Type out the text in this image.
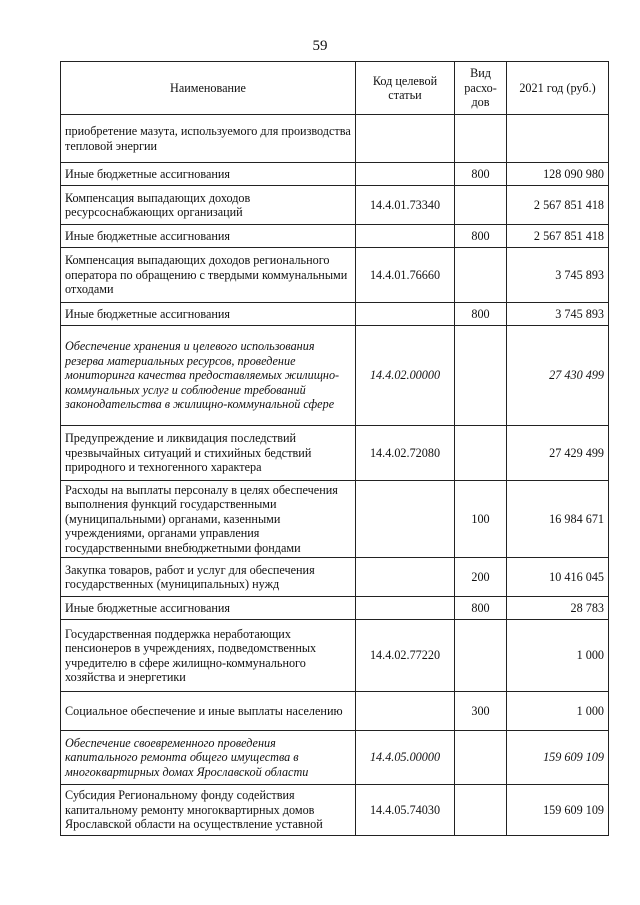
59
Наименование	Код целевой статьи	Вид расхо-дов	2021 год (руб.)
приобретение мазута, используемого для производства тепловой энергии			
Иные бюджетные ассигнования		800	128 090 980
Компенсация выпадающих доходов ресурсоснабжающих организаций	14.4.01.73340		2 567 851 418
Иные бюджетные ассигнования		800	2 567 851 418
Компенсация выпадающих доходов регионального оператора по обращению с твердыми коммунальными отходами	14.4.01.76660		3 745 893
Иные бюджетные ассигнования		800	3 745 893
Обеспечение хранения и целевого использования резерва материальных ресурсов, проведение мониторинга качества предоставляемых жилищно-коммунальных услуг и соблюдение требований законодательства в жилищно-коммунальной сфере	14.4.02.00000		27 430 499
Предупреждение и ликвидация последствий чрезвычайных ситуаций и стихийных бедствий природного и техногенного характера	14.4.02.72080		27 429 499
Расходы на выплаты персоналу в целях обеспечения выполнения функций государственными (муниципальными) органами, казенными учреждениями, органами управления государственными внебюджетными фондами		100	16 984 671
Закупка товаров, работ и услуг для обеспечения государственных (муниципальных) нужд		200	10 416 045
Иные бюджетные ассигнования		800	28 783
Государственная поддержка неработающих пенсионеров в учреждениях, подведомственных учредителю в сфере жилищно-коммунального хозяйства и энергетики	14.4.02.77220		1 000
Социальное обеспечение и иные выплаты населению		300	1 000
Обеспечение своевременного проведения капитального ремонта общего имущества в многоквартирных домах Ярославской области	14.4.05.00000		159 609 109
Субсидия Региональному фонду содействия капитальному ремонту многоквартирных домов Ярославской области на осуществление уставной	14.4.05.74030		159 609 109
